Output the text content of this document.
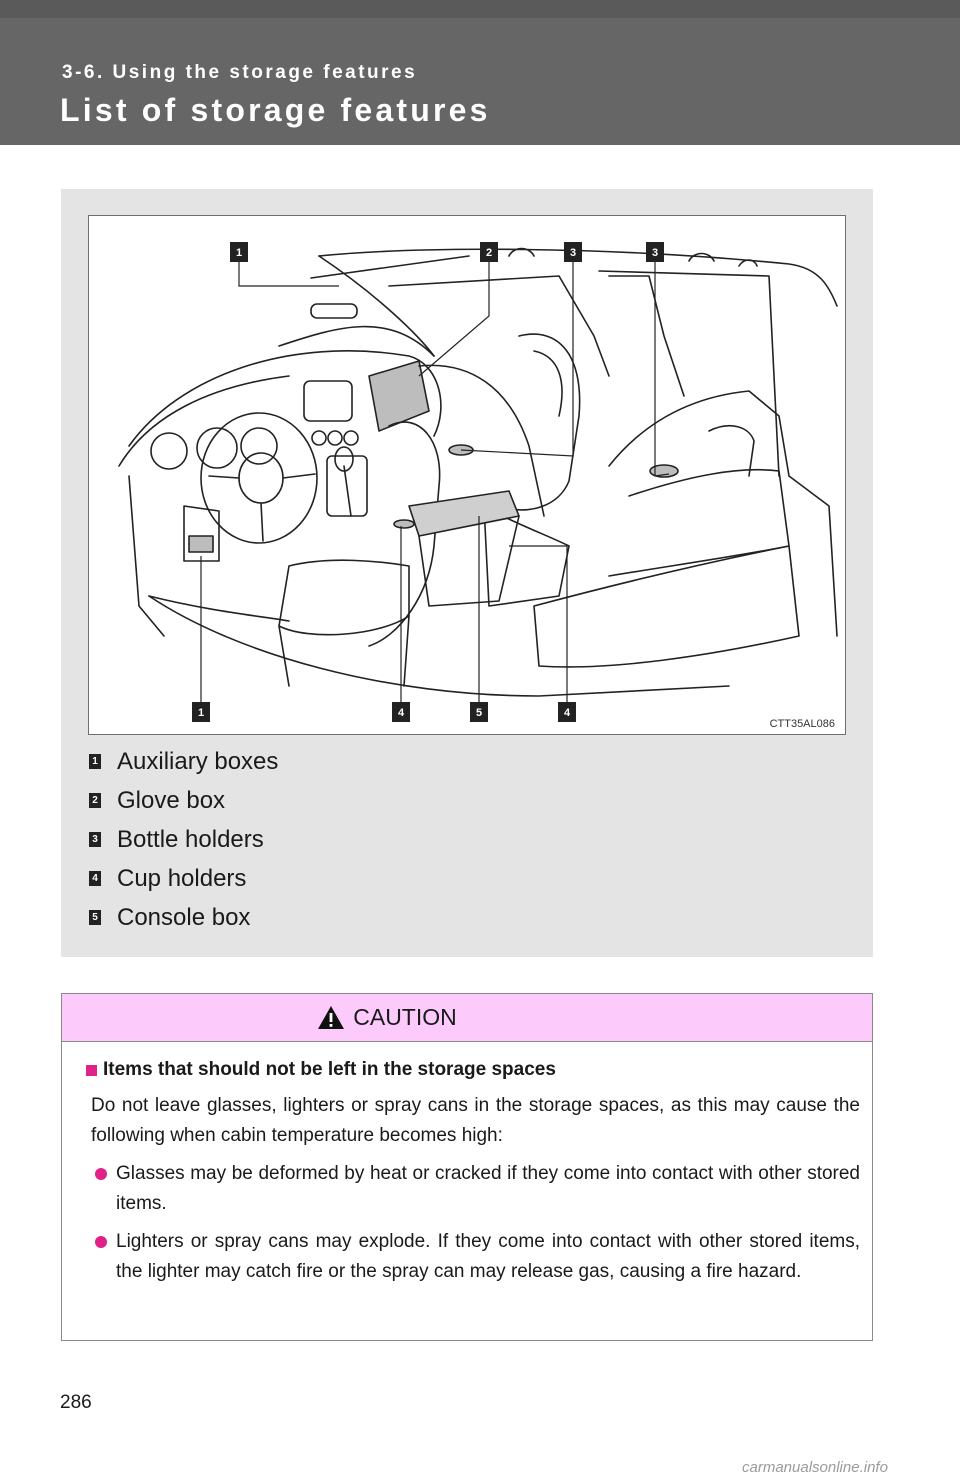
3-6. Using the storage features
List of storage features
1	2	3	3
1	4	5	4
CTT35AL086
1 Auxiliary boxes
2 Glove box
3 Bottle holders
4 Cup holders
5 Console box
CAUTION
Items that should not be left in the storage spaces

Do not leave glasses, lighters or spray cans in the storage spaces, as this may cause the following when cabin temperature becomes high:

Glasses may be deformed by heat or cracked if they come into contact with other stored items.
Lighters or spray cans may explode. If they come into contact with other stored items, the lighter may catch fire or the spray can may release gas, causing a fire hazard.
286
carmanualsonline.info
